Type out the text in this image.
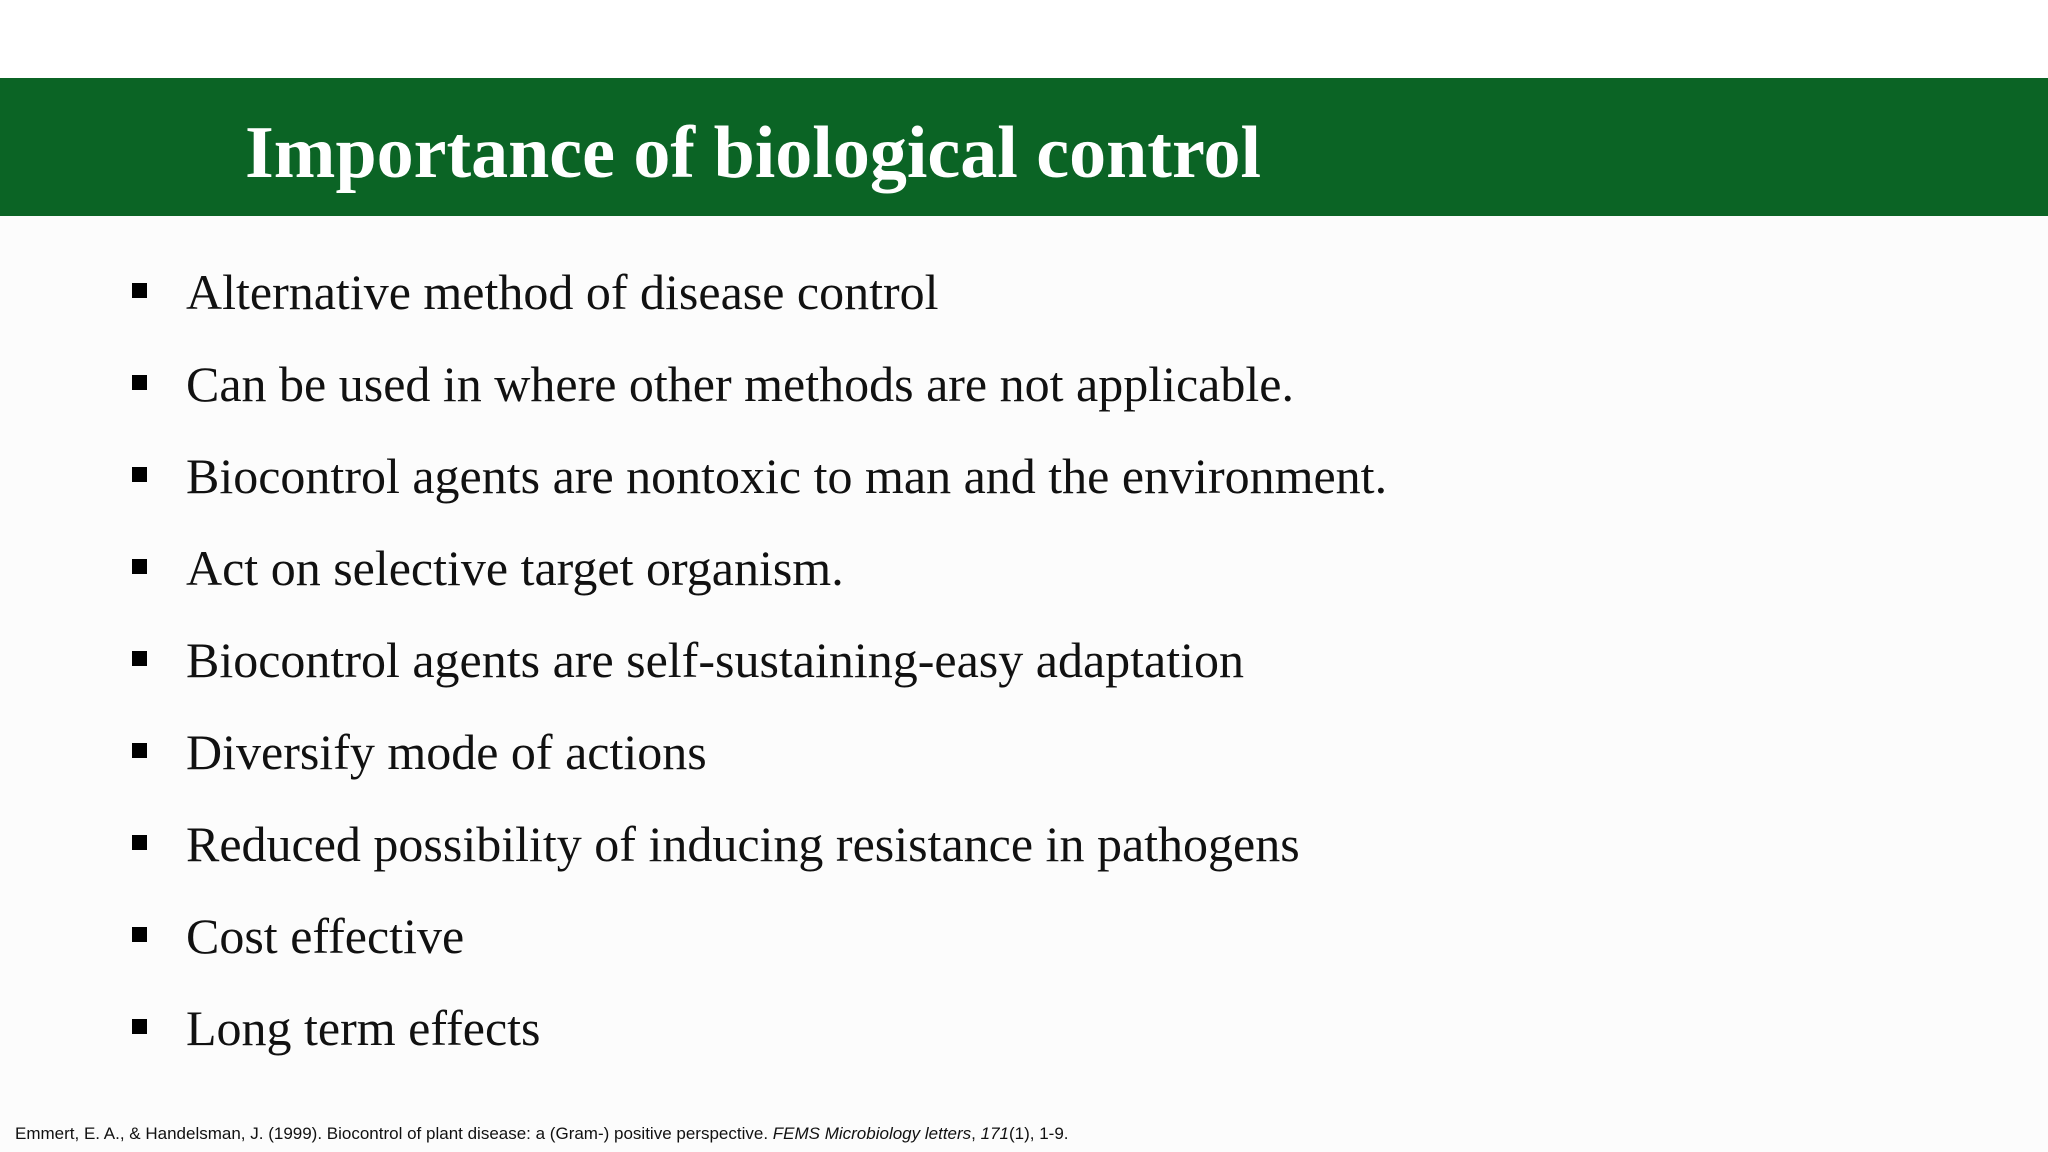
Importance of biological control
Alternative method of disease control
Can be used in where other methods are not applicable.
Biocontrol agents are nontoxic to man and the environment.
Act on selective target organism.
Biocontrol agents are self-sustaining-easy adaptation
Diversify mode of actions
Reduced possibility of inducing resistance in pathogens
Cost effective
Long term effects
Emmert, E. A., & Handelsman, J. (1999). Biocontrol of plant disease: a (Gram-) positive perspective. FEMS Microbiology letters, 171(1), 1-9.
